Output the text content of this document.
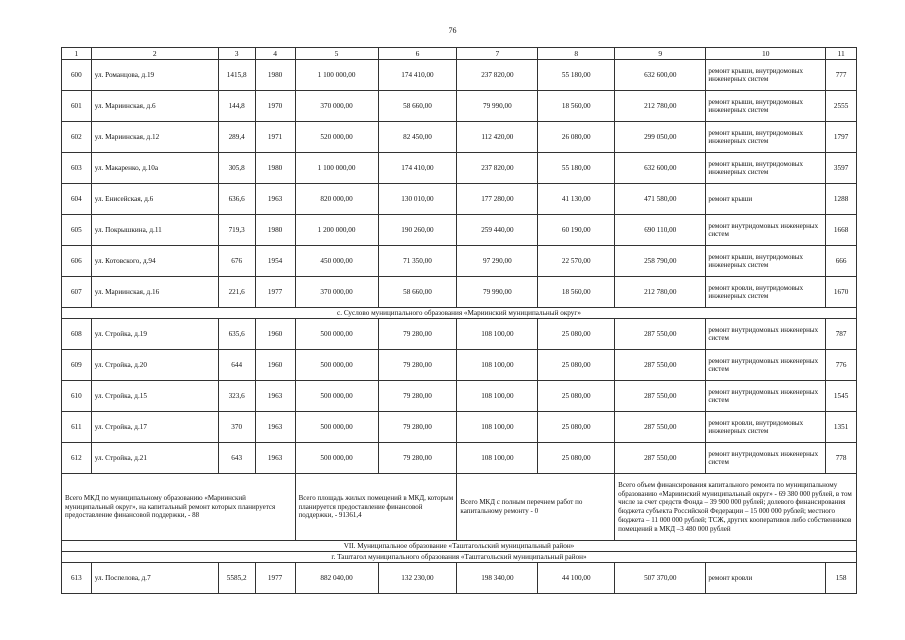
76
1	2	3	4	5	6	7	8	9	10	11
600	ул. Романцова, д.19	1415,8	1980	1 100 000,00	174 410,00	237 820,00	55 180,00	632 600,00	ремонт крыши, внутридомовых инженерных систем	777
601	ул. Мариинская, д.6	144,8	1970	370 000,00	58 660,00	79 990,00	18 560,00	212 780,00	ремонт крыши, внутридомовых инженерных систем	2555
602	ул. Мариинская, д.12	289,4	1971	520 000,00	82 450,00	112 420,00	26 080,00	299 050,00	ремонт крыши, внутридомовых инженерных систем	1797
603	ул. Макаренко, д.10а	305,8	1980	1 100 000,00	174 410,00	237 820,00	55 180,00	632 600,00	ремонт крыши, внутридомовых инженерных систем	3597
604	ул. Енисейская, д.6	636,6	1963	820 000,00	130 010,00	177 280,00	41 130,00	471 580,00	ремонт крыши	1288
605	ул. Покрышкина, д.11	719,3	1980	1 200 000,00	190 260,00	259 440,00	60 190,00	690 110,00	ремонт внутридомовых инженерных систем	1668
606	ул. Котовского, д.94	676	1954	450 000,00	71 350,00	97 290,00	22 570,00	258 790,00	ремонт крыши, внутридомовых инженерных систем	666
607	ул. Мариинская, д.16	221,6	1977	370 000,00	58 660,00	79 990,00	18 560,00	212 780,00	ремонт кровли, внутридомовых инженерных систем	1670
с. Суслово муниципального образования «Мариинский муниципальный округ»										
608	ул. Стройка, д.19	635,6	1960	500 000,00	79 280,00	108 100,00	25 080,00	287 550,00	ремонт внутридомовых инженерных систем	787
609	ул. Стройка, д.20	644	1960	500 000,00	79 280,00	108 100,00	25 080,00	287 550,00	ремонт внутридомовых инженерных систем	776
610	ул. Стройка, д.15	323,6	1963	500 000,00	79 280,00	108 100,00	25 080,00	287 550,00	ремонт внутридомовых инженерных систем	1545
611	ул. Стройка, д.17	370	1963	500 000,00	79 280,00	108 100,00	25 080,00	287 550,00	ремонт кровли, внутридомовых инженерных систем	1351
612	ул. Стройка, д.21	643	1963	500 000,00	79 280,00	108 100,00	25 080,00	287 550,00	ремонт внутридомовых инженерных систем	778
Всего МКД по муниципальному образованию «Мариинский муниципальный округ», на капитальный ремонт которых планируется предоставление финансовой поддержки, - 88				Всего площадь жилых помещений в МКД, которым планируется предоставление финансовой поддержки, - 91361,4		Всего МКД с полным перечнем работ по капитальному ремонту - 0		Всего объем финансирования капитального ремонта по муниципальному образованию «Мариинский муниципальный округ» - 69 380 000 рублей, в том числе за счет средств Фонда – 39 900 000 рублей; долевого финансирования бюджета субъекта Российской Федерации – 15 000 000 рублей; местного бюджета – 11 000 000 рублей; ТСЖ, других кооперативов либо собственников помещений в МКД –3 480 000 рублей		
VII. Муниципальное образование «Таштагольский муниципальный район»										
г. Таштагол муниципального образования «Таштагольский муниципальный район»										
613	ул. Поспелова, д.7	5585,2	1977	882 040,00	132 230,00	198 340,00	44 100,00	507 370,00	ремонт кровли	158
